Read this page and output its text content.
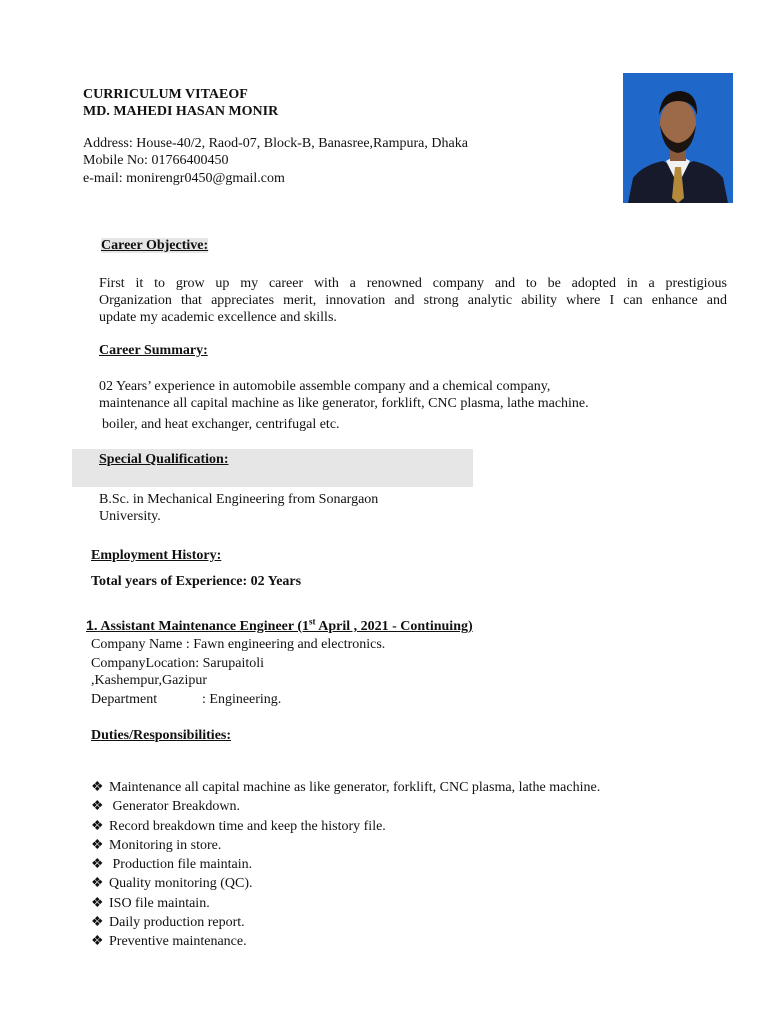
CURRICULUM VITAEOF
MD. MAHEDI HASAN MONIR
Address: House-40/2, Raod-07, Block-B, Banasree,Rampura, Dhaka
Mobile No: 01766400450
e-mail: monirengr0450@gmail.com
Career Objective:
First it to grow up my career with a renowned company and to be adopted in a prestigious
Organization that appreciates merit, innovation and strong analytic ability where I can enhance and
update my academic excellence and skills.
Career Summary:
02 Years’ experience in automobile assemble company and a chemical company,
maintenance all capital machine as like generator, forklift, CNC plasma, lathe machine.
boiler, and heat exchanger, centrifugal etc.
Special Qualification:
B.Sc. in Mechanical Engineering from Sonargaon
University.
Employment History:
Total years of Experience: 02 Years
1. Assistant Maintenance Engineer (1st April , 2021 - Continuing)
Company Name : Fawn engineering and electronics.
CompanyLocation: Sarupaitoli
,Kashempur,Gazipur
Department	: Engineering.
Duties/Responsibilities:
❖ Maintenance all capital machine as like generator, forklift, CNC plasma, lathe machine.
❖ Generator Breakdown.
❖ Record breakdown time and keep the history file.
❖ Monitoring in store.
❖ Production file maintain.
❖ Quality monitoring (QC).
❖ ISO file maintain.
❖ Daily production report.
❖ Preventive maintenance.
